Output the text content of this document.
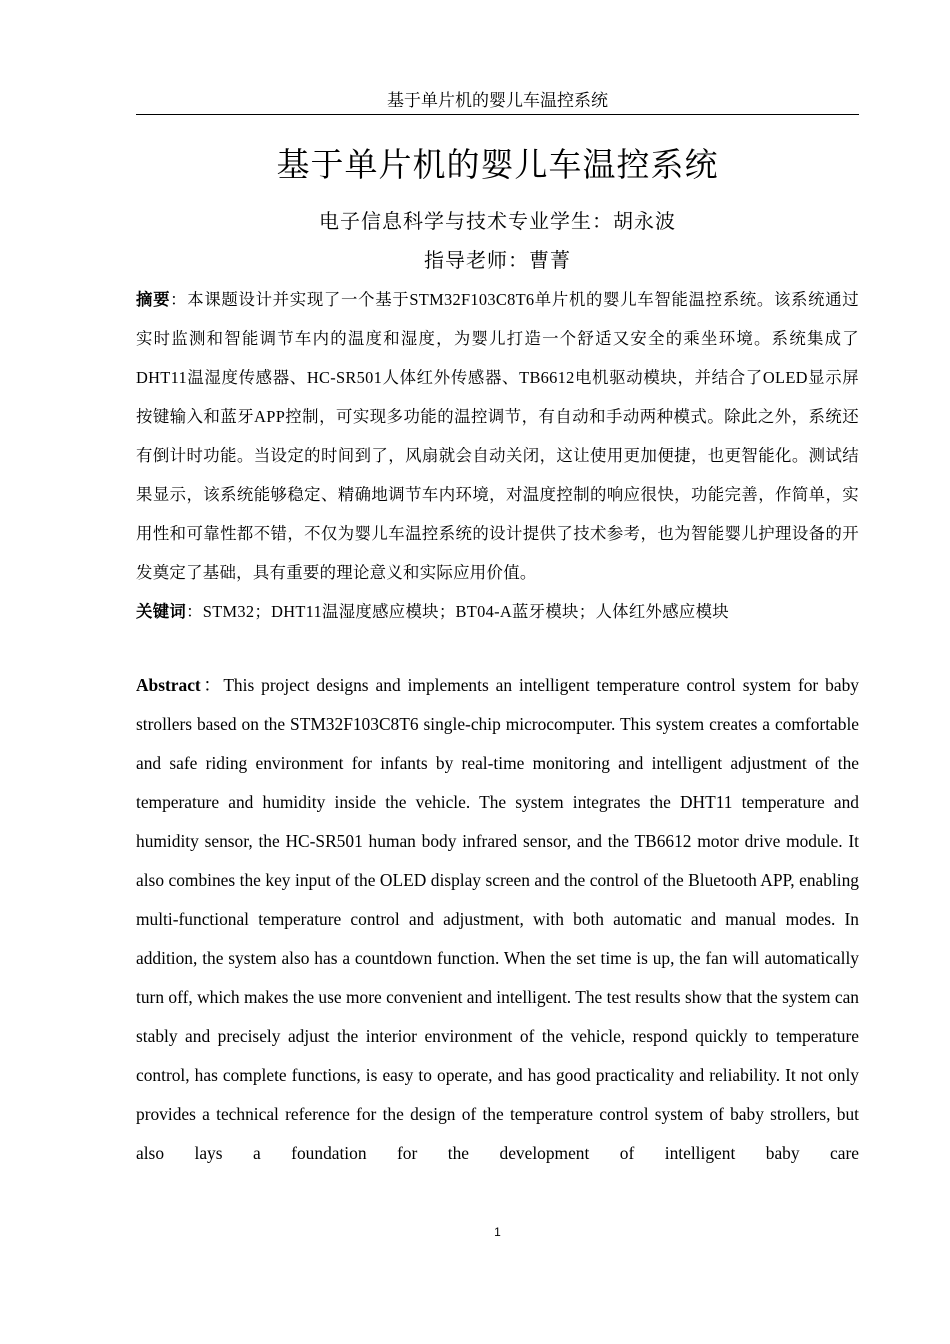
基于单片机的婴儿车温控系统
基于单片机的婴儿车温控系统
电子信息科学与技术专业学生：胡永波
指导老师：曹菁

摘要：本课题设计并实现了一个基于STM32F103C8T6单片机的婴儿车智能温控系统。该系统通过实时监测和智能调节车内的温度和湿度，为婴儿打造一个舒适又安全的乘坐环境。系统集成了DHT11温湿度传感器、HC-SR501人体红外传感器、TB6612电机驱动模块，并结合了OLED显示屏按键输入和蓝牙APP控制，可实现多功能的温控调节，有自动和手动两种模式。除此之外，系统还有倒计时功能。当设定的时间到了，风扇就会自动关闭，这让使用更加便捷，也更智能化。测试结果显示，该系统能够稳定、精确地调节车内环境，对温度控制的响应很快，功能完善，作简单，实用性和可靠性都不错，不仅为婴儿车温控系统的设计提供了技术参考，也为智能婴儿护理设备的开发奠定了基础，具有重要的理论意义和实际应用价值。

关键词：STM32；DHT11温湿度感应模块；BT04-A蓝牙模块；人体红外感应模块

Abstract：This project designs and implements an intelligent temperature control system for baby strollers based on the STM32F103C8T6 single-chip microcomputer. This system creates a comfortable and safe riding environment for infants by real-time monitoring and intelligent adjustment of the temperature and humidity inside the vehicle. The system integrates the DHT11 temperature and humidity sensor, the HC-SR501 human body infrared sensor, and the TB6612 motor drive module. It also combines the key input of the OLED display screen and the control of the Bluetooth APP, enabling multi-functional temperature control and adjustment, with both automatic and manual modes. In addition, the system also has a countdown function. When the set time is up, the fan will automatically turn off, which makes the use more convenient and intelligent. The test results show that the system can stably and precisely adjust the interior environment of the vehicle, respond quickly to temperature control, has complete functions, is easy to operate, and has good practicality and reliability. It not only provides a technical reference for the design of the temperature control system of baby strollers, but also lays a foundation for the development of intelligent baby care

1
